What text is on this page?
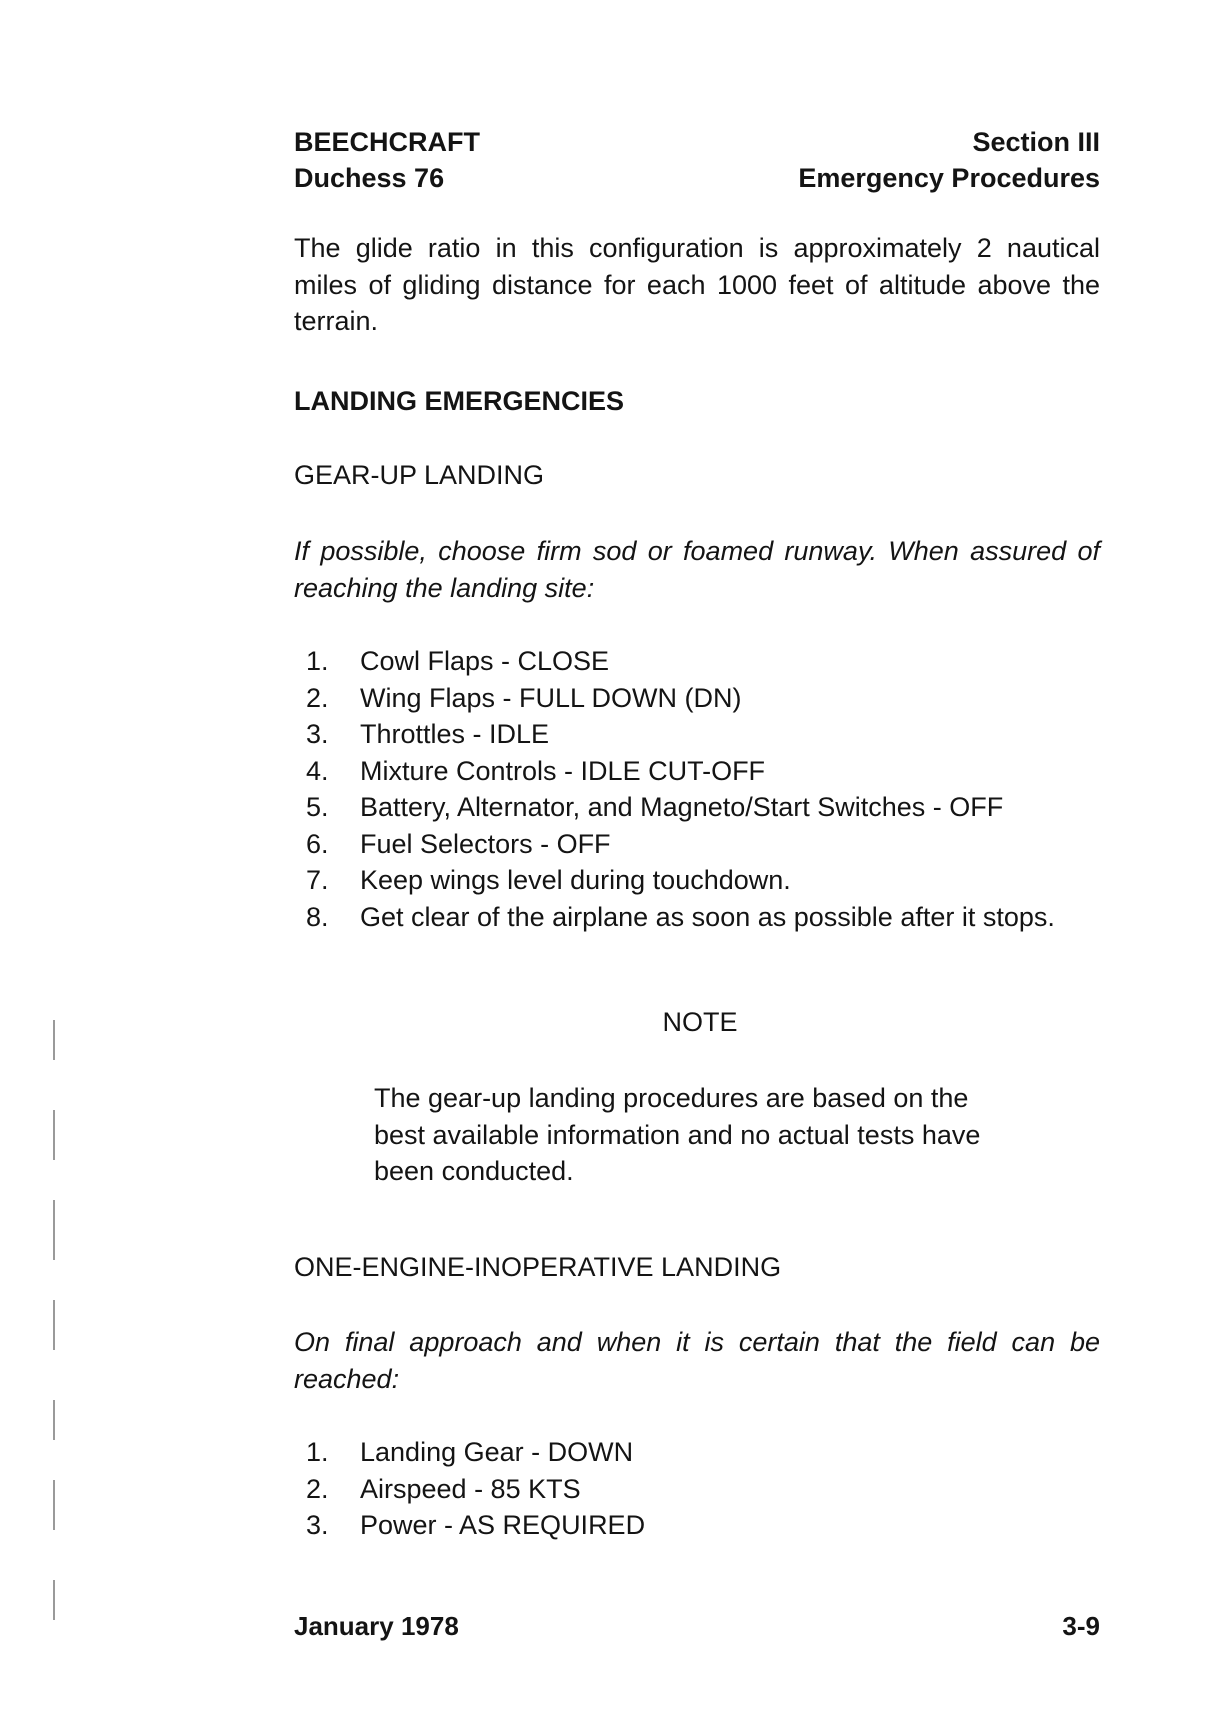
BEECHCRAFT
Duchess 76
Section III
Emergency Procedures
The glide ratio in this configuration is approximately 2 nautical miles of gliding distance for each 1000 feet of altitude above the terrain.
LANDING EMERGENCIES
GEAR-UP LANDING
If possible, choose firm sod or foamed runway. When assured of reaching the landing site:
1. Cowl Flaps - CLOSE
2. Wing Flaps - FULL DOWN (DN)
3. Throttles - IDLE
4. Mixture Controls - IDLE CUT-OFF
5. Battery, Alternator, and Magneto/Start Switches - OFF
6. Fuel Selectors - OFF
7. Keep wings level during touchdown.
8. Get clear of the airplane as soon as possible after it stops.
NOTE
The gear-up landing procedures are based on the best available information and no actual tests have been conducted.
ONE-ENGINE-INOPERATIVE LANDING
On final approach and when it is certain that the field can be reached:
1. Landing Gear - DOWN
2. Airspeed - 85 KTS
3. Power - AS REQUIRED
January 1978	3-9
